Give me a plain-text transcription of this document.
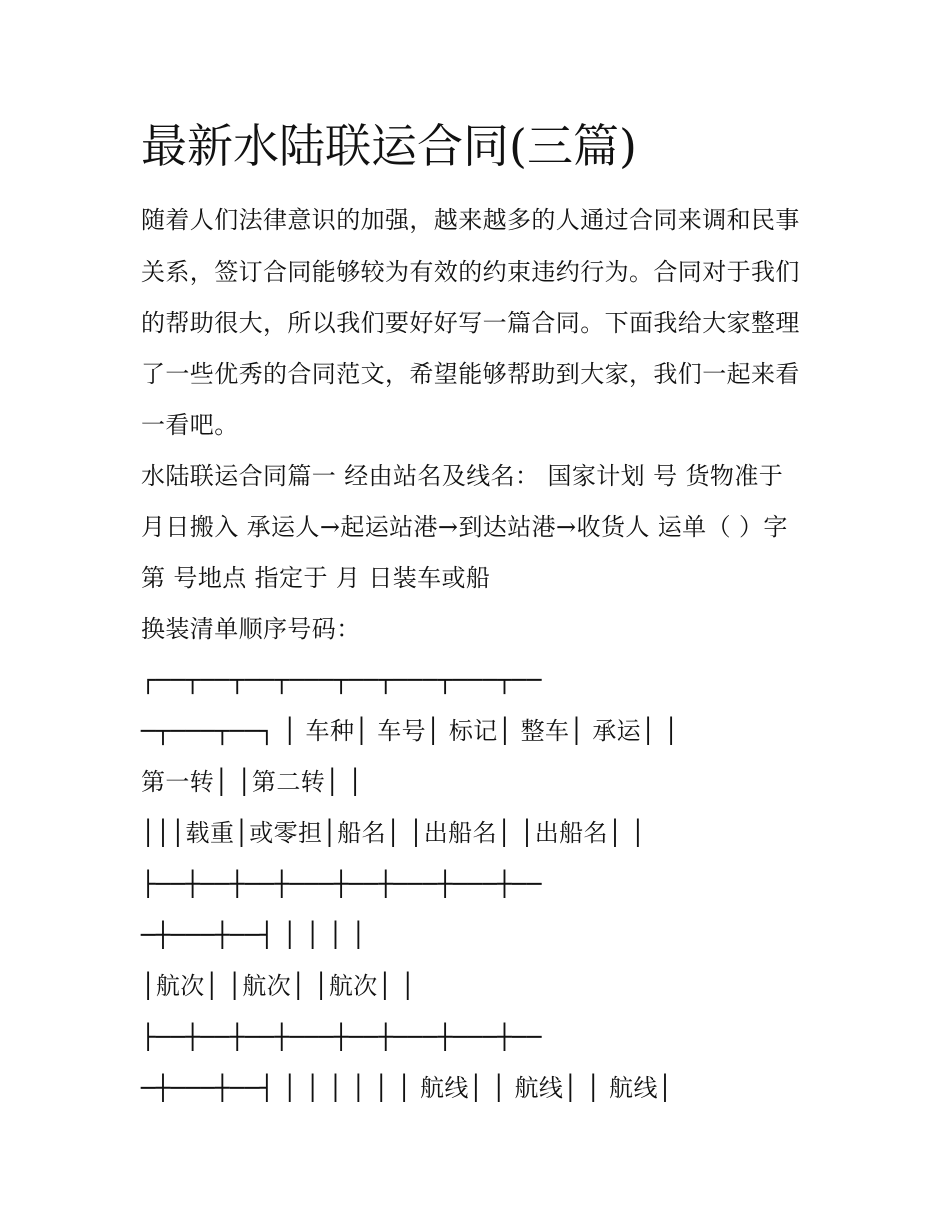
最新水陆联运合同(三篇)
随着人们法律意识的加强，越来越多的人通过合同来调和民事
关系，签订合同能够较为有效的约束违约行为。合同对于我们
的帮助很大，所以我们要好好写一篇合同。下面我给大家整理
了一些优秀的合同范文，希望能够帮助到大家，我们一起来看
一看吧。
水陆联运合同篇一 经由站名及线名： 国家计划 号 货物准于
月日搬入 承运人→起运站港→到达站港→收货人 运单（ ）字
第 号地点 指定于 月 日装车或船
换装清单顺序号码：
┌──┬──┬──┬───┬──┬───┬───┬──
─┬───┬──┐ │ 车种│ 车号│ 标记│ 整车│ 承运│ │
第一转│ │第二转│ │
│││载重│或零担│船名│ │出船名│ │出船名│ │
├──┼──┼──┼───┼──┼───┼───┼──
─┼───┼──┤ │ │ │ │
│航次│ │航次│ │航次│ │
├──┼──┼──┼───┼──┼───┼───┼──
─┼───┼──┤ │ │ │ │ │ │ 航线│ │ 航线│ │ 航线│
